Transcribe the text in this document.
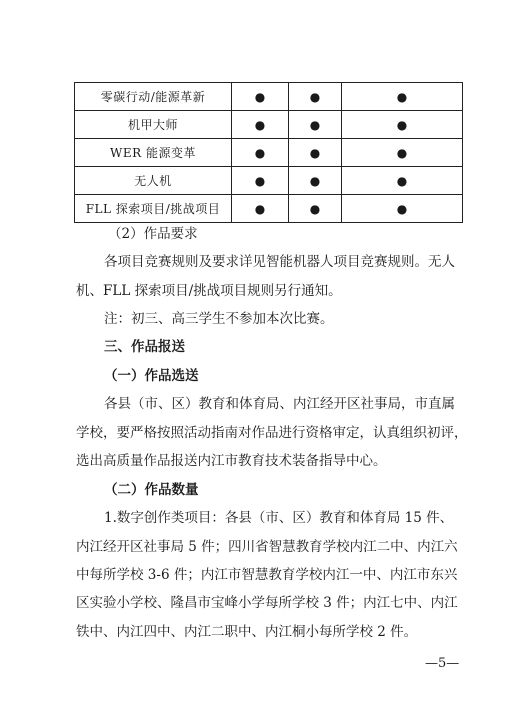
零碳行动/能源革新	●	●	●
机甲大师	●	●	●
WER 能源变革	●	●	●
无人机	●	●	●
FLL 探索项目/挑战项目	●	●	●
（2）作品要求
各项目竞赛规则及要求详见智能机器人项目竞赛规则。无人
机、FLL 探索项目/挑战项目规则另行通知。
注：初三、高三学生不参加本次比赛。
三、作品报送
（一）作品选送
各县（市、区）教育和体育局、内江经开区社事局，市直属
学校，要严格按照活动指南对作品进行资格审定，认真组织初评，
选出高质量作品报送内江市教育技术装备指导中心。
（二）作品数量
1.数字创作类项目：各县（市、区）教育和体育局 15 件、
内江经开区社事局 5 件；四川省智慧教育学校内江二中、内江六
中每所学校 3-6 件；内江市智慧教育学校内江一中、内江市东兴
区实验小学校、隆昌市宝峰小学每所学校 3 件；内江七中、内江
铁中、内江四中、内江二职中、内江桐小每所学校 2 件。
—5—
